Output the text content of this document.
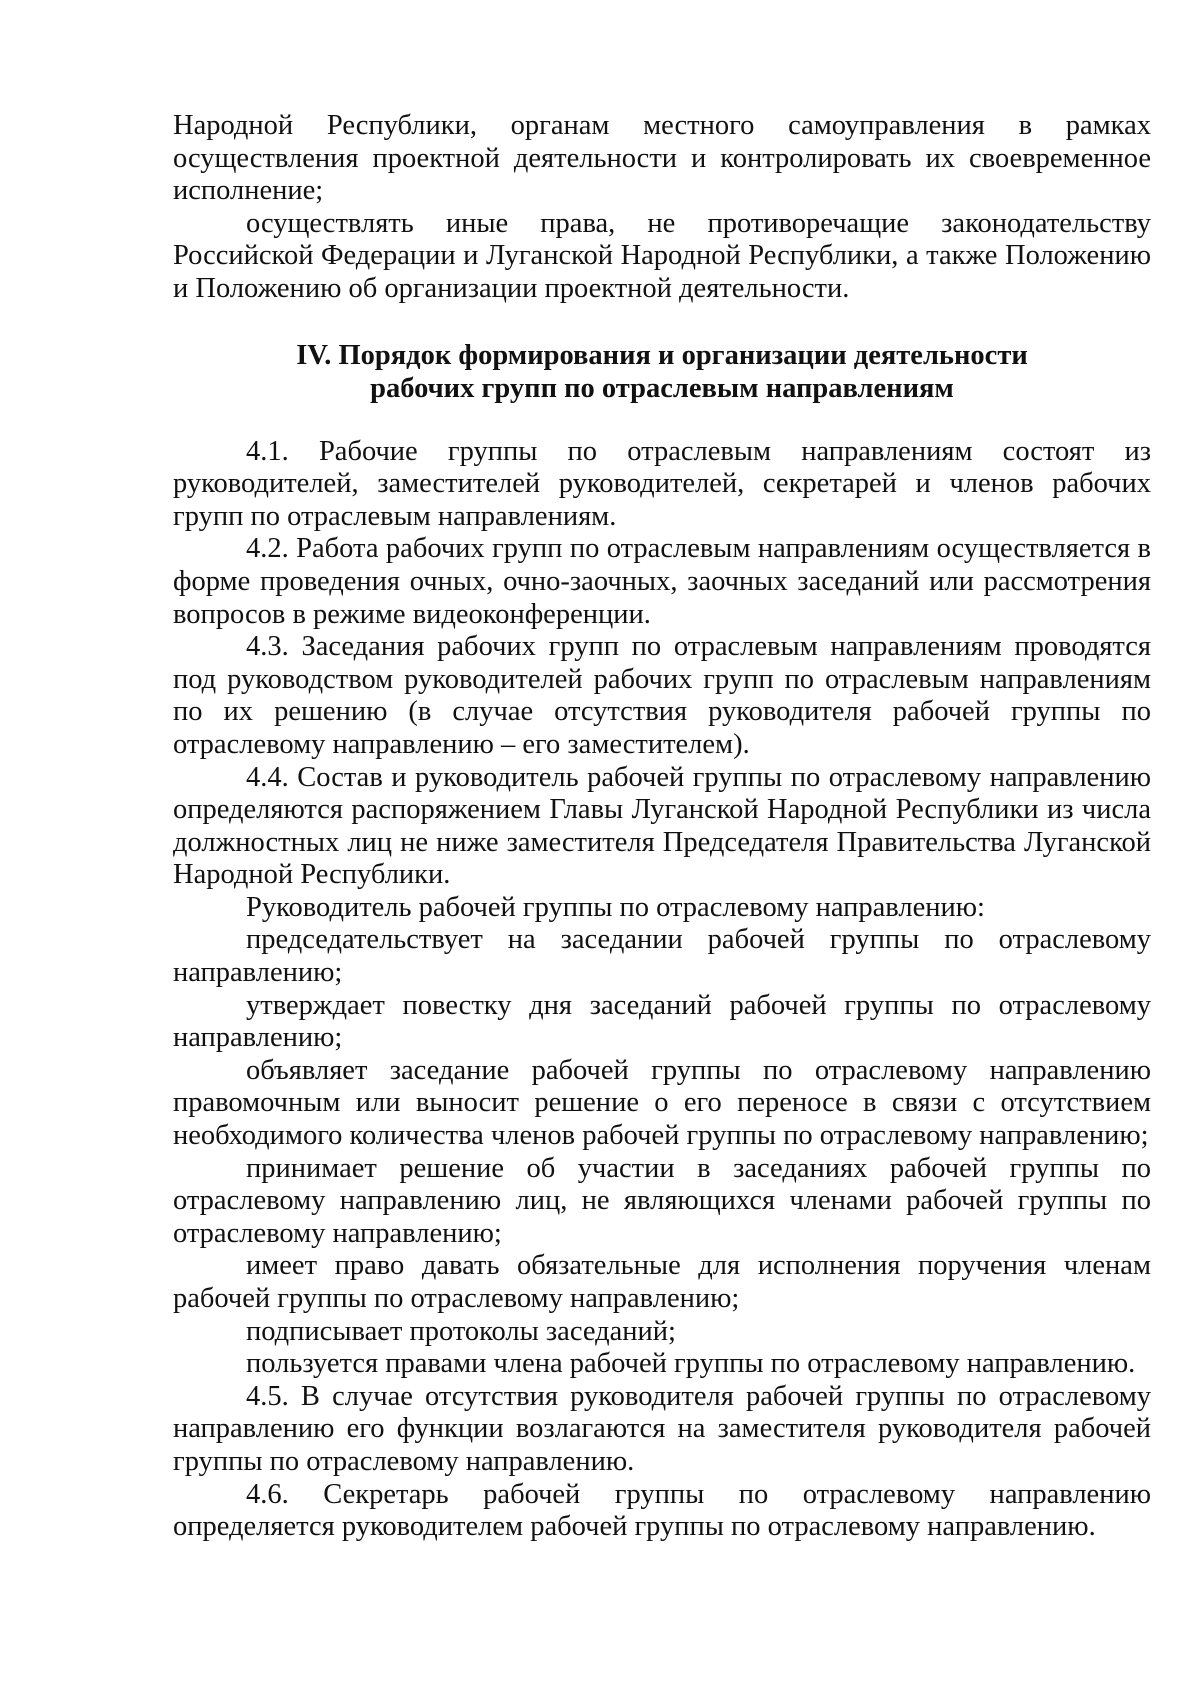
Народной Республики, органам местного самоуправления в рамках осуществления проектной деятельности и контролировать их своевременное исполнение;

осуществлять иные права, не противоречащие законодательству Российской Федерации и Луганской Народной Республики, а также Положению и Положению об организации проектной деятельности.

IV. Порядок формирования и организации деятельности
рабочих групп по отраслевым направлениям

4.1. Рабочие группы по отраслевым направлениям состоят из руководителей, заместителей руководителей, секретарей и членов рабочих групп по отраслевым направлениям.

4.2. Работа рабочих групп по отраслевым направлениям осуществляется в форме проведения очных, очно-заочных, заочных заседаний или рассмотрения вопросов в режиме видеоконференции.

4.3. Заседания рабочих групп по отраслевым направлениям проводятся под руководством руководителей рабочих групп по отраслевым направлениям по их решению (в случае отсутствия руководителя рабочей группы по отраслевому направлению – его заместителем).

4.4. Состав и руководитель рабочей группы по отраслевому направлению определяются распоряжением Главы Луганской Народной Республики из числа должностных лиц не ниже заместителя Председателя Правительства Луганской Народной Республики.

Руководитель рабочей группы по отраслевому направлению:

председательствует на заседании рабочей группы по отраслевому направлению;

утверждает повестку дня заседаний рабочей группы по отраслевому направлению;

объявляет заседание рабочей группы по отраслевому направлению правомочным или выносит решение о его переносе в связи с отсутствием необходимого количества членов рабочей группы по отраслевому направлению;

принимает решение об участии в заседаниях рабочей группы по отраслевому направлению лиц, не являющихся членами рабочей группы по отраслевому направлению;

имеет право давать обязательные для исполнения поручения членам рабочей группы по отраслевому направлению;

подписывает протоколы заседаний;

пользуется правами члена рабочей группы по отраслевому направлению.

4.5. В случае отсутствия руководителя рабочей группы по отраслевому направлению его функции возлагаются на заместителя руководителя рабочей группы по отраслевому направлению.

4.6. Секретарь рабочей группы по отраслевому направлению определяется руководителем рабочей группы по отраслевому направлению.
